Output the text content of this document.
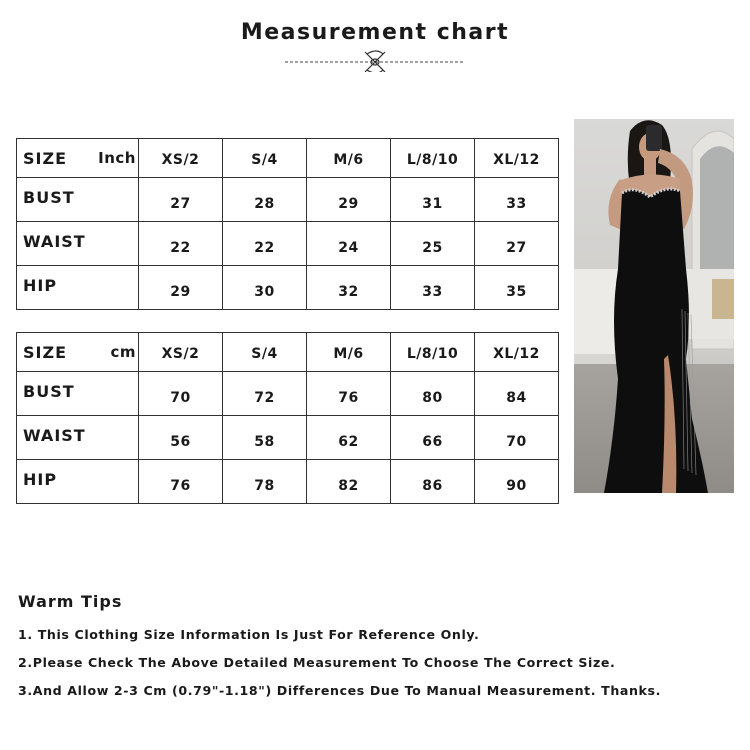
Measurement chart
SIZE Inch	XS/2	S/4	M/6	L/8/10	XL/12
BUST	27	28	29	31	33
WAIST	22	22	24	25	27
HIP	29	30	32	33	35
SIZE cm	XS/2	S/4	M/6	L/8/10	XL/12
BUST	70	72	76	80	84
WAIST	56	58	62	66	70
HIP	76	78	82	86	90
Warm Tips
1. This Clothing Size Information Is Just For Reference Only.
2.Please Check The Above Detailed Measurement To Choose The Correct Size.
3.And Allow 2-3 Cm (0.79"-1.18") Differences Due To Manual Measurement. Thanks.
